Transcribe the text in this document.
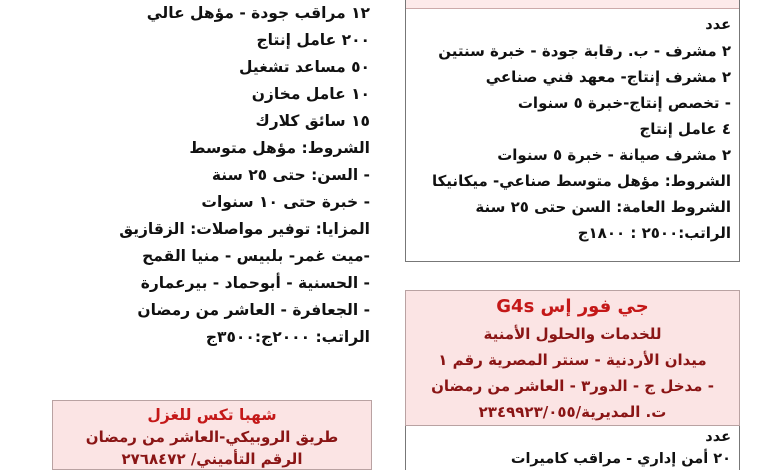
١٢ مراقب جودة - مؤهل عالي
٢٠٠ عامل إنتاج
٥٠ مساعد تشغيل
١٠ عامل مخازن
١٥ سائق كلارك
الشروط: مؤهل متوسط
- السن: حتى ٢٥ سنة
- خبرة حتى ١٠ سنوات
المزايا: توفير مواصلات: الزقازيق
-ميت غمر- بلبيس - منيا القمح
- الحسنية - أبوحماد - بيرعمارة
- الجعافرة - العاشر من رمضان
الراتب: ٢٠٠٠ج:٣٥٠٠ج
عدد
٢ مشرف - ب. رقابة جودة - خبرة سنتين
٢ مشرف إنتاج- معهد فني صناعي
- تخصص إنتاج-خبرة ٥ سنوات
٤ عامل إنتاج
٢ مشرف صيانة - خبرة ٥ سنوات
الشروط: مؤهل متوسط صناعي- ميكانيكا
الشروط العامة: السن حتى ٢٥ سنة
الراتب:٢٥٠٠ : ١٨٠٠ج
جي فور إس G4s
للخدمات والحلول الأمنية
ميدان الأردنية - سنتر المصرية رقم ١
- مدخل ج - الدور٣ - العاشر من رمضان
ت. المديرية/٢٣٤٩٩٢٣/٠٥٥
عدد
٢٠ أمن إداري - مراقب كاميرات
شهبا تكس للغزل
طريق الروبيكي-العاشر من رمضان
الرقم التأميني/ ٢٧٦٨٤٧٢
